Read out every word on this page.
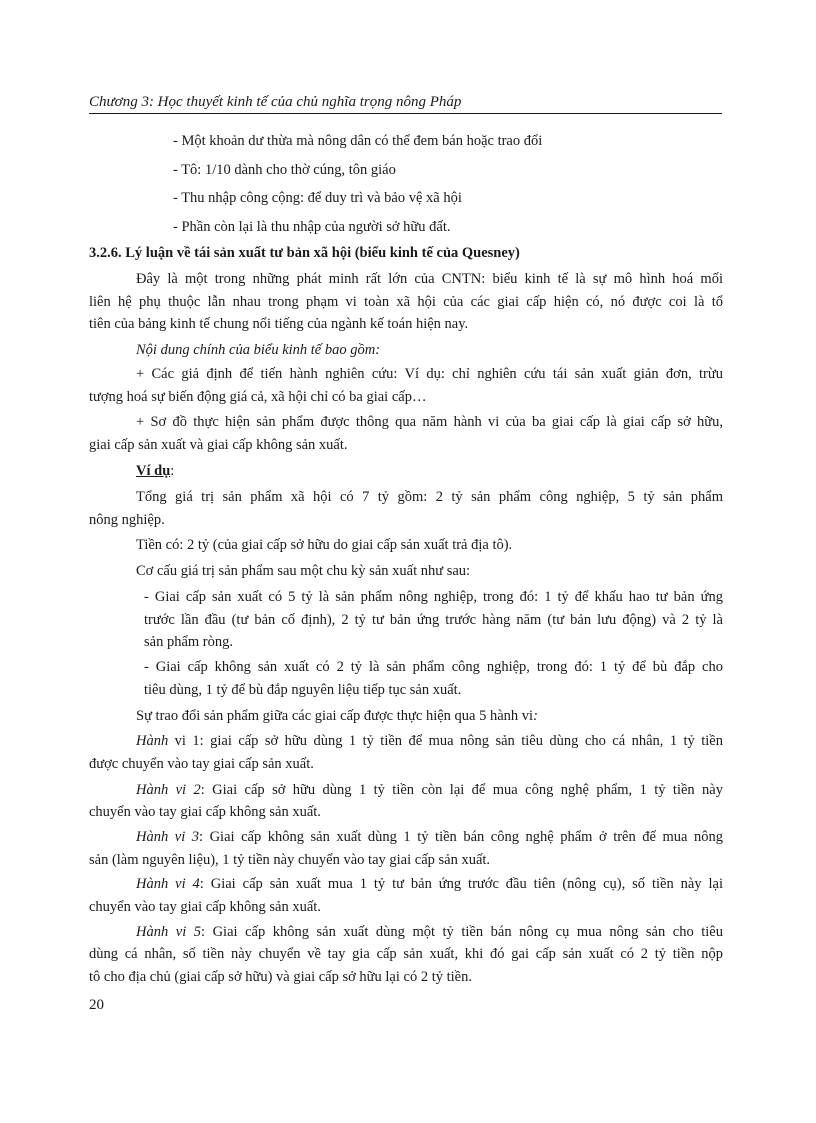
Chương 3: Học thuyết kinh tế của chủ nghĩa trọng nông Pháp
- Một khoản dư thừa mà nông dân có thể đem bán hoặc trao đổi
- Tô: 1/10 dành cho thờ cúng, tôn giáo
- Thu nhập công cộng: để duy trì và bảo vệ xã hội
- Phần còn lại là thu nhập của người sở hữu đất.
3.2.6. Lý luận về tái sản xuất tư bản xã hội (biểu kinh tế của Quesney)
Đây là một trong những phát minh rất lớn của CNTN: biểu kinh tế là sự mô hình hoá mối
liên hệ phụ thuộc lẫn nhau trong phạm vi toàn xã hội của các giai cấp hiện có, nó được coi là tổ
tiên của bảng kinh tế chung nổi tiếng của ngành kế toán hiện nay.
Nội dung chính của biểu kinh tế bao gồm:
+ Các giả định để tiến hành nghiên cứu: Ví dụ: chỉ nghiên cứu tái sản xuất giản đơn, trừu
tượng hoá sự biến động giá cả, xã hội chỉ có ba giai cấp…
+ Sơ đồ thực hiện sản phẩm được thông qua năm hành vi của ba giai cấp là giai cấp sở hữu,
giai cấp sản xuất và giai cấp không sản xuất.
Ví dụ:
Tổng giá trị sản phẩm xã hội có 7 tỷ gồm: 2 tỷ sản phẩm công nghiệp, 5 tỷ sản phẩm
nông nghiệp.
Tiền có: 2 tỷ (của giai cấp sở hữu do giai cấp sản xuất trả địa tô).
Cơ cấu giá trị sản phẩm sau một chu kỳ sản xuất như sau:
- Giai cấp sản xuất có 5 tỷ là sản phẩm nông nghiệp, trong đó: 1 tỷ để khấu hao tư bản ứng
trước lần đầu (tư bản cố định), 2 tỷ tư bản ứng trước hàng năm (tư bản lưu động) và 2 tỷ là
sản phẩm ròng.
- Giai cấp không sản xuất có 2 tỷ là sản phẩm công nghiệp, trong đó: 1 tỷ để bù đắp cho
tiêu dùng, 1 tỷ để bù đắp nguyên liệu tiếp tục sản xuất.
Sự trao đổi sản phẩm giữa các giai cấp được thực hiện qua 5 hành vi:
Hành vi 1: giai cấp sở hữu dùng 1 tỷ tiền để mua nông sản tiêu dùng cho cá nhân, 1 tỷ tiền
được chuyển vào tay giai cấp sản xuất.
Hành vi 2: Giai cấp sở hữu dùng 1 tỷ tiền còn lại để mua công nghệ phẩm, 1 tỷ tiền này
chuyển vào tay giai cấp không sản xuất.
Hành vi 3: Giai cấp không sản xuất dùng 1 tỷ tiền bán công nghệ phẩm ở trên để mua nông
sản (làm nguyên liệu), 1 tỷ tiền này chuyển vào tay giai cấp sản xuất.
Hành vi 4: Giai cấp sản xuất mua 1 tỷ tư bản ứng trước đầu tiên (nông cụ), số tiền này lại
chuyển vào tay giai cấp không sản xuất.
Hành vi 5: Giai cấp không sản xuất dùng một tỷ tiền bán nông cụ mua nông sản cho tiêu
dùng cá nhân, số tiền này chuyển về tay gia cấp sản xuất, khi đó gai cấp sản xuất có 2 tỷ tiền nộp
tô cho địa chủ (giai cấp sở hữu) và giai cấp sở hữu lại có 2 tỷ tiền.
20
